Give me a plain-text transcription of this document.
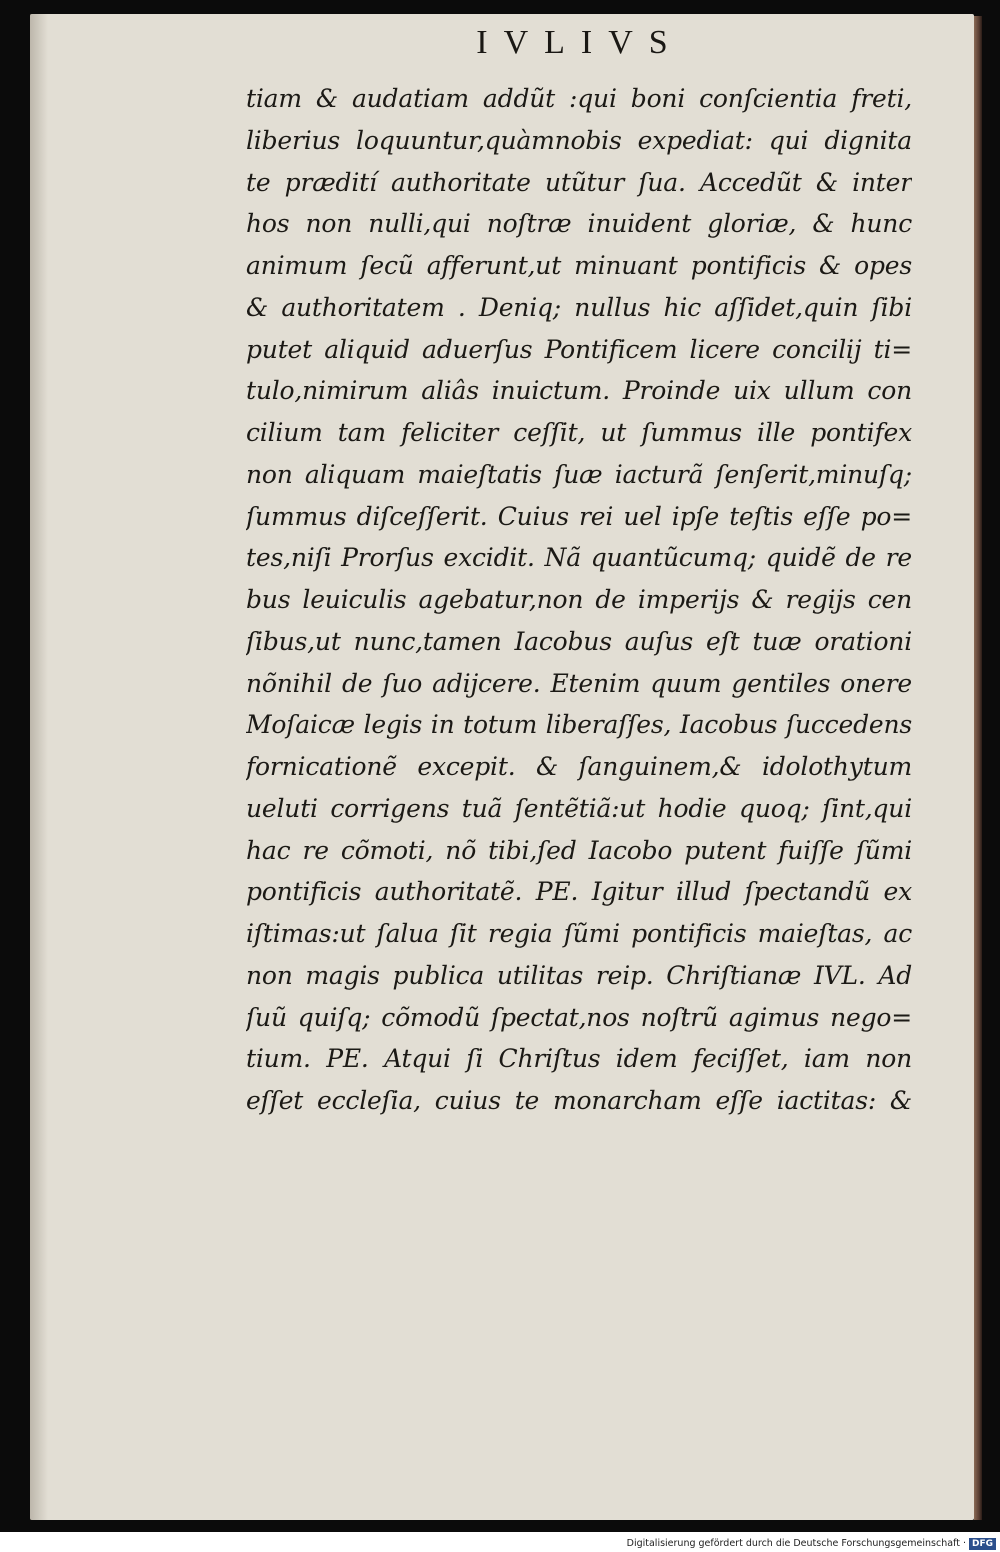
IVLIVS
tiam & audatiam addũt :qui boni conſcientia freti,
liberius loquuntur,quàmnobis expediat: qui dignita
te prædití authoritate utũtur ſua. Accedũt & inter
hos non nulli,qui noſtræ inuident gloriæ, & hunc
animum ſecũ afferunt,ut minuant pontificis & opes
& authoritatem . Deniq; nullus hic aſſidet,quin ſibi
putet aliquid aduerſus Pontificem licere concilij ti=
tulo,nimirum aliâs inuictum. Proinde uix ullum con
cilium tam feliciter ceſſit, ut ſummus ille pontifex
non aliquam maieſtatis ſuæ iacturã ſenſerit,minuſq;
ſummus diſceſſerit. Cuius rei uel ipſe teſtis eſſe po=
tes,niſi Prorſus excidit. Nã quantũcumq; quidẽ de re
bus leuiculis agebatur,non de imperijs & regijs cen
ſibus,ut nunc,tamen Iacobus auſus eſt tuæ orationi
nõnihil de ſuo adijcere. Etenim quum gentiles onere
Moſaicæ legis in totum liberaſſes, Iacobus ſuccedens
fornicationẽ excepit. & ſanguinem,& idolothytum
ueluti corrigens tuã ſentẽtiã:ut hodie quoq; ſint,qui
hac re cõmoti, nõ tibi,ſed Iacobo putent fuiſſe ſũmi
pontificis authoritatẽ. PE. Igitur illud ſpectandũ ex
iſtimas:ut ſalua ſit regia ſũmi pontificis maieſtas, ac
non magis publica utilitas reip. Chriſtianæ IVL. Ad
ſuũ quiſq; cõmodũ ſpectat,nos noſtrũ agimus nego=
tium. PE. Atqui ſi Chriſtus idem feciſſet, iam non
eſſet eccleſia, cuius te monarcham eſſe iactitas: &
Digitalisierung gefördert durch die Deutsche Forschungsgemeinschaft · DFG
